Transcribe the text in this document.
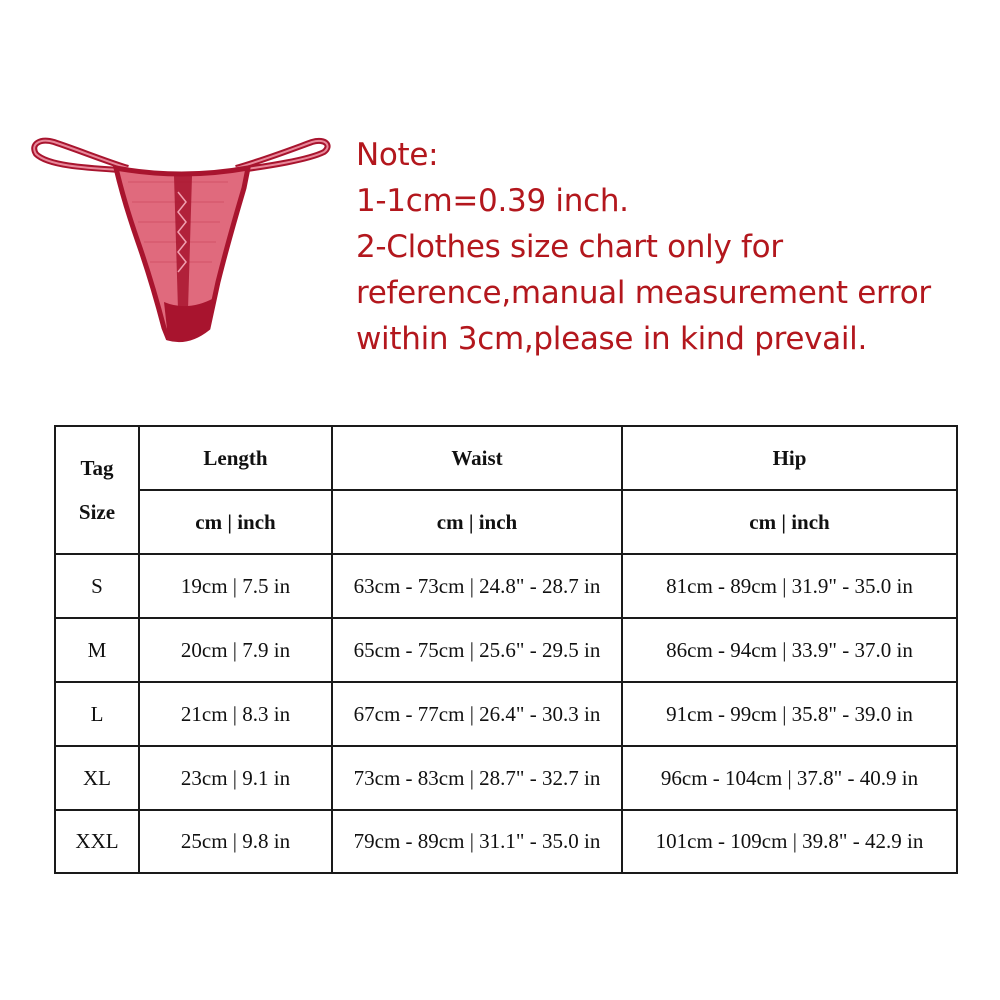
Note:
1-1cm=0.39 inch.
2-Clothes size chart only for
reference,manual measurement error
within 3cm,please in kind prevail.
Tag
Size	Length	Waist	Hip
	cm | inch	cm | inch	cm | inch
S	19cm | 7.5 in	63cm - 73cm | 24.8" - 28.7 in	81cm - 89cm | 31.9" - 35.0 in
M	20cm | 7.9 in	65cm - 75cm | 25.6" - 29.5 in	86cm - 94cm | 33.9" - 37.0 in
L	21cm | 8.3 in	67cm - 77cm | 26.4" - 30.3 in	91cm - 99cm | 35.8" - 39.0 in
XL	23cm | 9.1 in	73cm - 83cm | 28.7" - 32.7 in	96cm - 104cm | 37.8" - 40.9 in
XXL	25cm | 9.8 in	79cm - 89cm | 31.1" - 35.0 in	101cm - 109cm | 39.8" - 42.9 in
